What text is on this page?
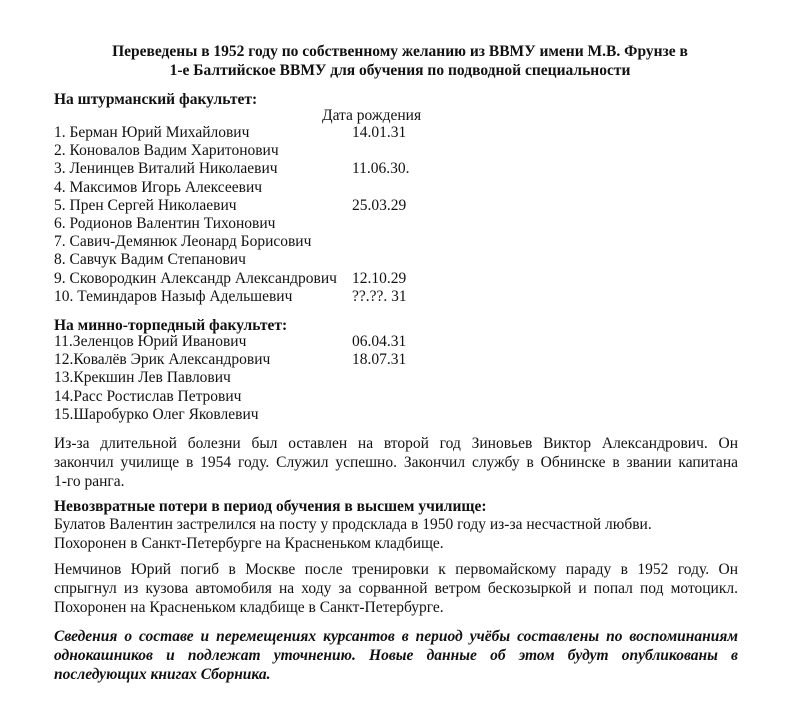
Переведены в 1952 году по собственному желанию из ВВМУ имени М.В. Фрунзе в
1-е Балтийское ВВМУ для обучения по подводной специальности
На штурманский факультет:
Дата рождения
1. Берман Юрий Михайлович	14.01.31
2. Коновалов Вадим Харитонович
3. Ленинцев Виталий Николаевич	11.06.30.
4. Максимов Игорь Алексеевич
5. Прен Сергей Николаевич	25.03.29
6. Родионов Валентин Тихонович
7. Савич-Демянюк Леонард Борисович
8. Савчук Вадим Степанович
9. Сковородкин Александр Александрович 12.10.29
10. Теминдаров Назыф Адельшевич	??.??. 31
На минно-торпедный факультет:
11.Зеленцов Юрий Иванович	06.04.31
12.Ковалёв Эрик Александрович	18.07.31
13.Крекшин Лев Павлович
14.Расс Ростислав Петрович
15.Шаробурко Олег Яковлевич
Из-за длительной болезни был оставлен на второй год Зиновьев Виктор Александрович. Он
закончил училище в 1954 году. Служил успешно. Закончил службу в Обнинске в звании капитана
1-го ранга.
Невозвратные потери в период обучения в высшем училище:
Булатов Валентин застрелился на посту у продсклада в 1950 году из-за несчастной любви.
Похоронен в Санкт-Петербурге на Красненьком кладбище.
Немчинов Юрий погиб в Москве после тренировки к первомайскому параду в 1952 году. Он
спрыгнул из кузова автомобиля на ходу за сорванной ветром бескозыркой и попал под мотоцикл.
Похоронен на Красненьком кладбище в Санкт-Петербурге.
Сведения о составе и перемещениях курсантов в период учёбы составлены по воспоминаниям
однокашников и подлежат уточнению. Новые данные об этом будут опубликованы в
последующих книгах Сборника.
